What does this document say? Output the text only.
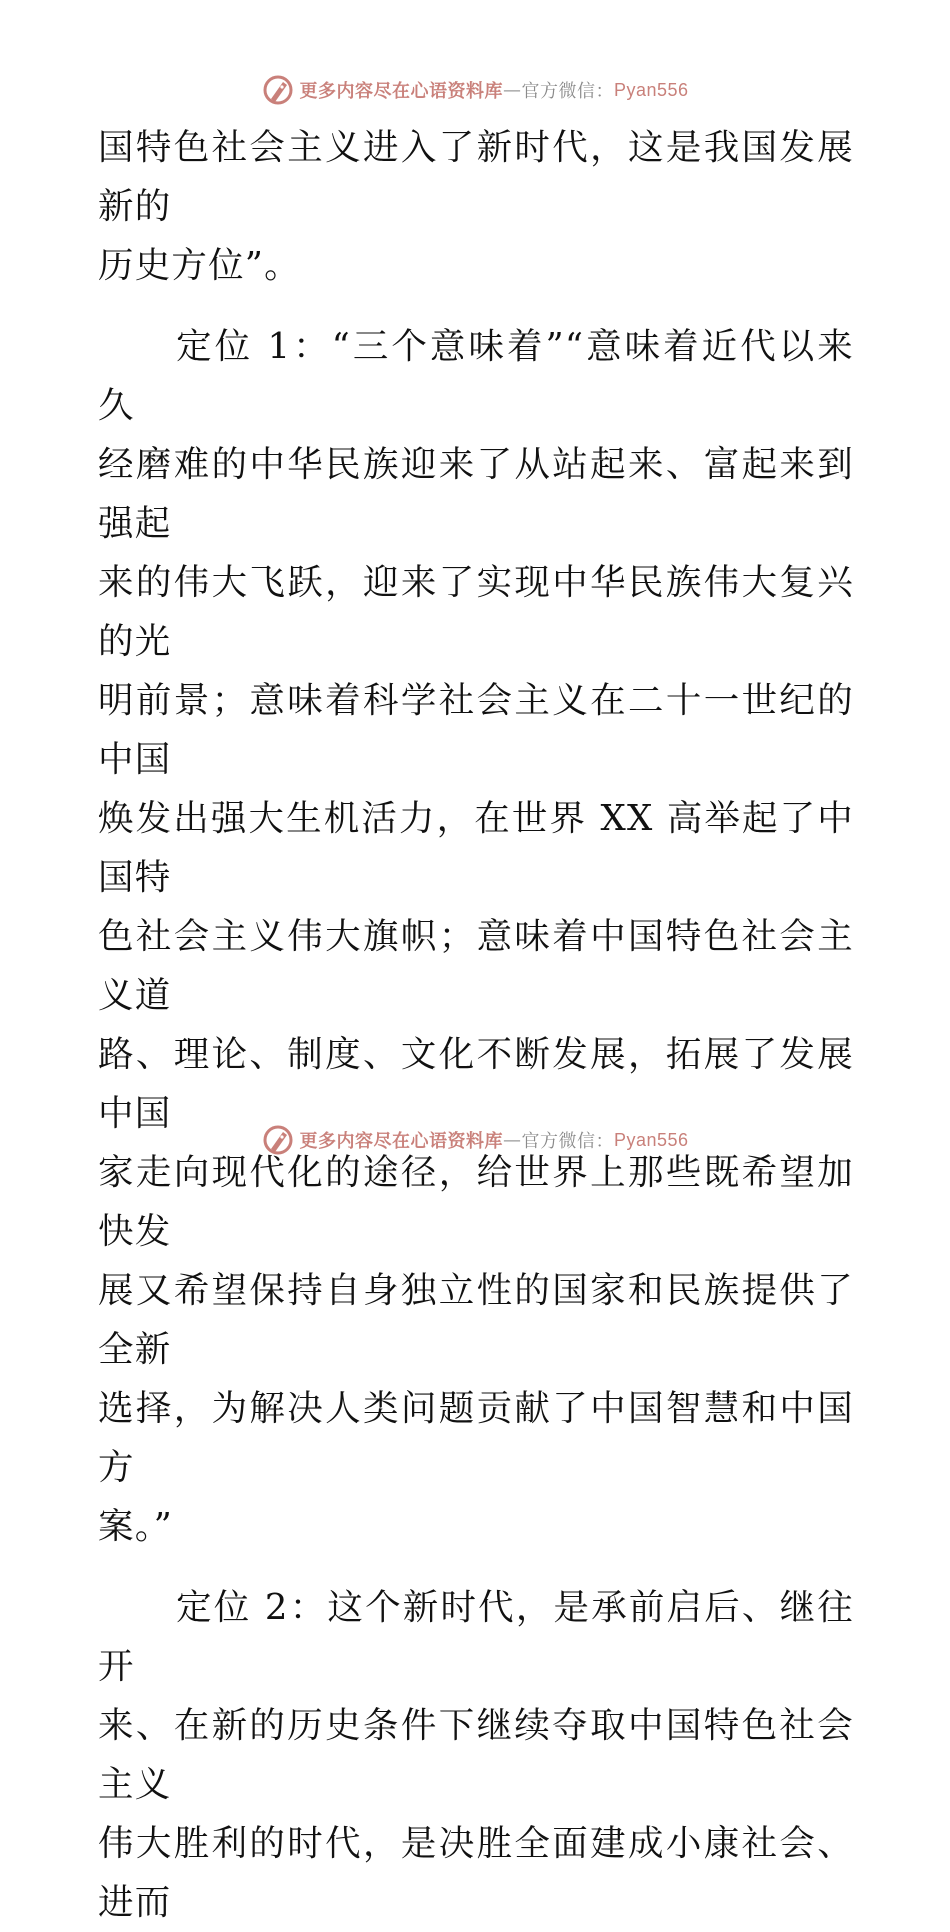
更多内容尽在心语资料库 — 官方微信： Pyan556

国特色社会主义进入了新时代，这是我国发展新的
历史方位”。

定位 1：“三个意味着”“意味着近代以来久
经磨难的中华民族迎来了从站起来、富起来到强起
来的伟大飞跃，迎来了实现中华民族伟大复兴的光
明前景；意味着科学社会主义在二十一世纪的中国
焕发出强大生机活力，在世界 XX 高举起了中国特
色社会主义伟大旗帜；意味着中国特色社会主义道
路、理论、制度、文化不断发展，拓展了发展中国
家走向现代化的途径，给世界上那些既希望加快发
展又希望保持自身独立性的国家和民族提供了全新
选择，为解决人类问题贡献了中国智慧和中国方
案。”

定位 2：这个新时代，是承前启后、继往开
来、在新的历史条件下继续夺取中国特色社会主义
伟大胜利的时代，是决胜全面建成小康社会、进而

更多内容尽在心语资料库 — 官方微信： Pyan556
